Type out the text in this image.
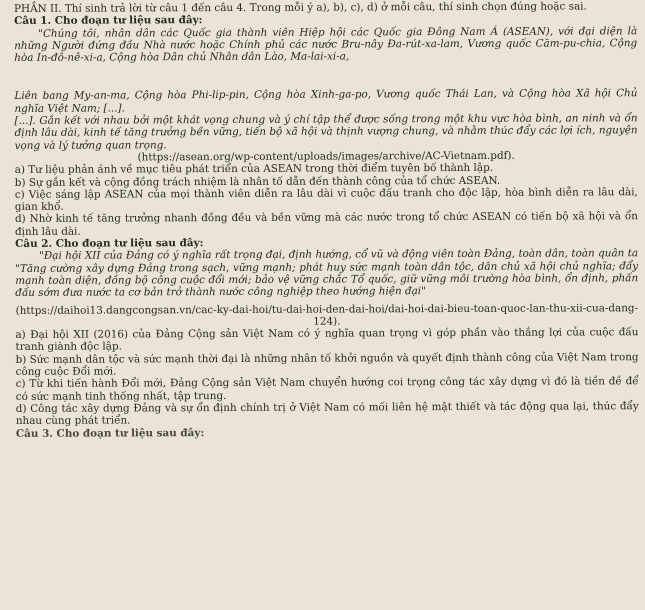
PHẦN II. Thí sinh trả lời từ câu 1 đến câu 4. Trong mỗi ý a), b), c), d) ở mỗi câu, thí sinh chọn đúng hoặc sai.

Câu 1. Cho đoạn tư liệu sau đây:

"Chúng tôi, nhân dân các Quốc gia thành viên Hiệp hội các Quốc gia Đông Nam Á (ASEAN), với đại diện là những Người đứng đầu Nhà nước hoặc Chính phủ các nước Bru-nây Đa-rút-xa-lam, Vương quốc Căm-pu-chia, Cộng hòa In-đô-nê-xi-a, Cộng hòa Dân chủ Nhân dân Lào, Ma-lai-xi-a,

Liên bang My-an-ma, Cộng hòa Phi-lip-pin, Cộng hòa Xinh-ga-po, Vương quốc Thái Lan, và Cộng hòa Xã hội Chủ nghĩa Việt Nam; [...].

[...]. Gắn kết với nhau bởi một khát vọng chung và ý chí tập thể được sống trong một khu vực hòa bình, an ninh và ổn định lâu dài, kinh tế tăng trưởng bền vững, tiến bộ xã hội và thịnh vượng chung, và nhằm thúc đẩy các lợi ích, nguyện vọng và lý tưởng quan trọng.

(https://asean.org/wp-content/uploads/images/archive/AC-Vietnam.pdf).

a) Tư liệu phản ánh về mục tiêu phát triển của ASEAN trong thời điểm tuyên bố thành lập.

b) Sự gắn kết và cộng đồng trách nhiệm là nhân tố dẫn đến thành công của tổ chức ASEAN.

c) Việc sáng lập ASEAN của mọi thành viên diễn ra lâu dài vì cuộc đấu tranh cho độc lập, hòa bình diễn ra lâu dài, gian khổ.

d) Nhờ kinh tế tăng trưởng nhanh đồng đều và bền vững mà các nước trong tổ chức ASEAN có tiến bộ xã hội và ổn định lâu dài.

Câu 2. Cho đoạn tư liệu sau đây:

"Đại hội XII của Đảng có ý nghĩa rất trọng đại, định hướng, cổ vũ và động viên toàn Đảng, toàn dân, toàn quân ta "Tăng cường xây dựng Đảng trong sạch, vững mạnh; phát huy sức mạnh toàn dân tộc, dân chủ xã hội chủ nghĩa; đẩy mạnh toàn diện, đồng bộ công cuộc đổi mới; bảo vệ vững chắc Tổ quốc, giữ vững môi trường hòa bình, ổn định, phấn đấu sớm đưa nước ta cơ bản trở thành nước công nghiệp theo hướng hiện đại"

(https://daihoi13.dangcongsan.vn/cac-ky-dai-hoi/tu-dai-hoi-den-dai-hoi/dai-hoi-dai-bieu-toan-quoc-lan-thu-xii-cua-dang-124).

a) Đại hội XII (2016) của Đảng Cộng sản Việt Nam có ý nghĩa quan trọng vì góp phần vào thắng lợi của cuộc đấu tranh giành độc lập.

b) Sức mạnh dân tộc và sức mạnh thời đại là những nhân tố khởi nguồn và quyết định thành công của Việt Nam trong công cuộc Đổi mới.

c) Từ khi tiến hành Đổi mới, Đảng Cộng sản Việt Nam chuyển hướng coi trọng công tác xây dựng vì đó là tiền đề để có sức mạnh tinh thống nhất, tập trung.

d) Công tác xây dựng Đảng và sự ổn định chính trị ở Việt Nam có mối liên hệ mật thiết và tác động qua lại, thúc đẩy nhau cùng phát triển.

Câu 3. Cho đoạn tư liệu sau đây:
